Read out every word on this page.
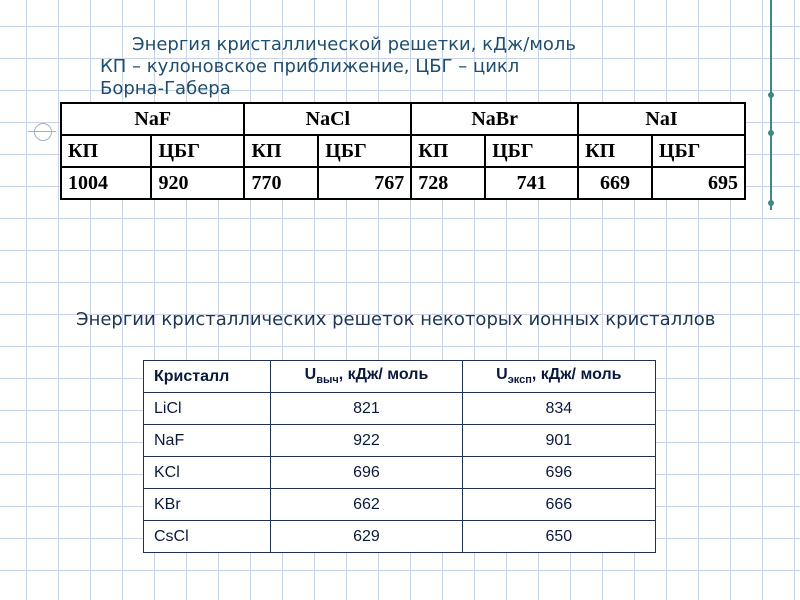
Энергия кристаллической решетки, кДж/моль
КП – кулоновское приближение, ЦБГ – цикл
Борна-Габера
NaF		NaCl		NaBr		NaI	
КП	ЦБГ	КП	ЦБГ	КП	ЦБГ	КП	ЦБГ
1004	920	770	767	728	741	669	695
Энергии кристаллических решеток некоторых ионных кристаллов
Кристалл	$U_{выч}$, кДж/ моль	$U_{эксп}$, кДж/ моль
LiCl	821	834
NaF	922	901
KCl	696	696
KBr	662	666
CsCl	629	650
